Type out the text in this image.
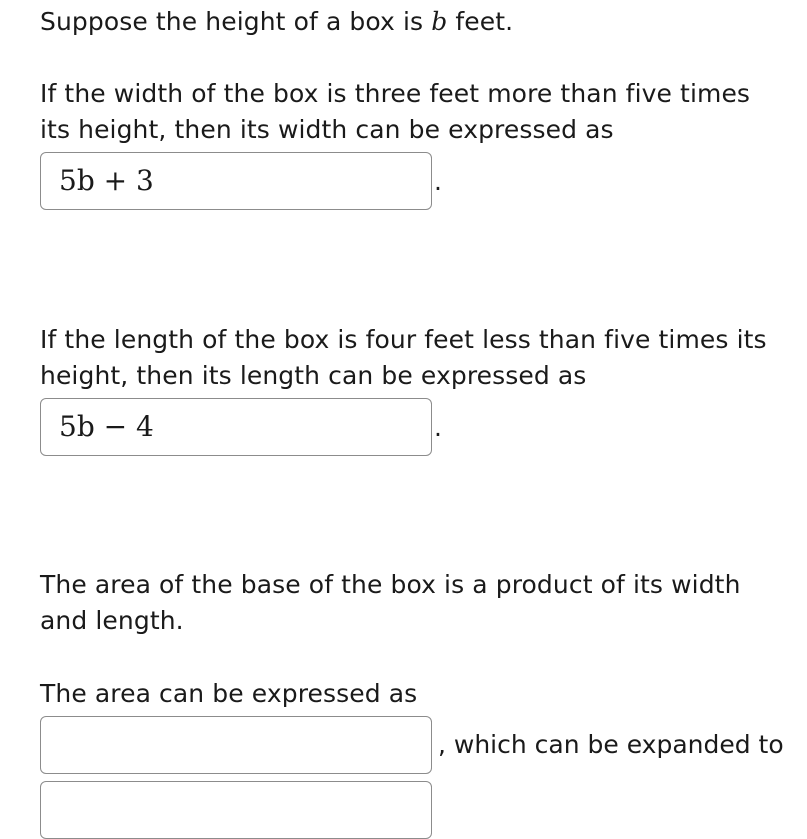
Suppose the height of a box is b feet.
If the width of the box is three feet more than five times
its height, then its width can be expressed as
5b + 3	.
If the length of the box is four feet less than five times its
height, then its length can be expressed as
5b − 4	.
The area of the base of the box is a product of its width
and length.
The area can be expressed as
, which can be expanded to
